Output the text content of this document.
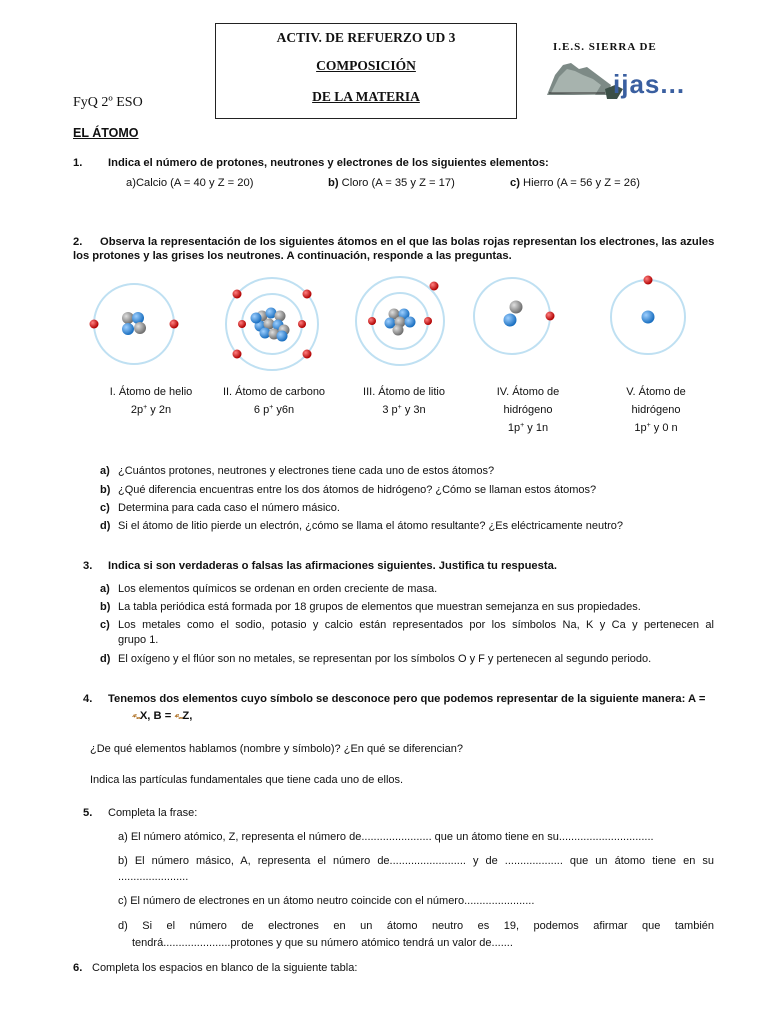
ACTIV. DE REFUERZO UD 3
COMPOSICIÓN
DE LA MATERIA
FyQ 2º ESO
I.E.S. SIERRA DE
ijas...
EL ÁTOMO
1. Indica el número de protones, neutrones y electrones de los siguientes elementos:
a)Calcio (A = 40 y Z = 20)	b) Cloro (A = 35 y Z = 17)	c) Hierro (A = 56 y Z = 26)
2. Observa la representación de los siguientes átomos en el que las bolas rojas representan los electrones, las azules
los protones y las grises los neutrones. A continuación, responde a las preguntas.
I. Átomo de helio
2p+ y 2n
II. Átomo de carbono
6 p+ y6n
III. Átomo de litio
3 p+ y 3n
IV. Átomo de
hidrógeno
1p+ y 1n
V. Átomo de
hidrógeno
1p+ y 0 n
a) ¿Cuántos protones, neutrones y electrones tiene cada uno de estos átomos?
b) ¿Qué diferencia encuentras entre los dos átomos de hidrógeno? ¿Cómo se llaman estos átomos?
c) Determina para cada caso el número másico.
d) Si el átomo de litio pierde un electrón, ¿cómo se llama el átomo resultante? ¿Es eléctricamente neutro?
3. Indica si son verdaderas o falsas las afirmaciones siguientes. Justifica tu respuesta.
a) Los elementos químicos se ordenan en orden creciente de masa.
b) La tabla periódica está formada por 18 grupos de elementos que muestran semejanza en sus propiedades.
c) Los metales como el sodio, potasio y calcio están representados por los símbolos Na, K y Ca y pertenecen al
grupo 1.
d) El oxígeno y el flúor son no metales, se representan por los símbolos O y F y pertenecen al segundo periodo.
4. Tenemos dos elementos cuyo símbolo se desconoce pero que podemos representar de la siguiente manera: A =
⁴²₁₉X, B = ⁴²₂₀Z,
¿De qué elementos hablamos (nombre y símbolo)? ¿En qué se diferencian?
Indica las partículas fundamentales que tiene cada uno de ellos.
5. Completa la frase:
a) El número atómico, Z, representa el número de....................... que un átomo tiene en su...............................
b) El número másico, A, representa el número de......................... y de ................... que un átomo tiene en su
.......................
c) El número de electrones en un átomo neutro coincide con el número.......................
d) Si el número de electrones en un átomo neutro es 19, podemos afirmar que también
tendrá......................protones y que su número atómico tendrá un valor de.......
6. Completa los espacios en blanco de la siguiente tabla:
